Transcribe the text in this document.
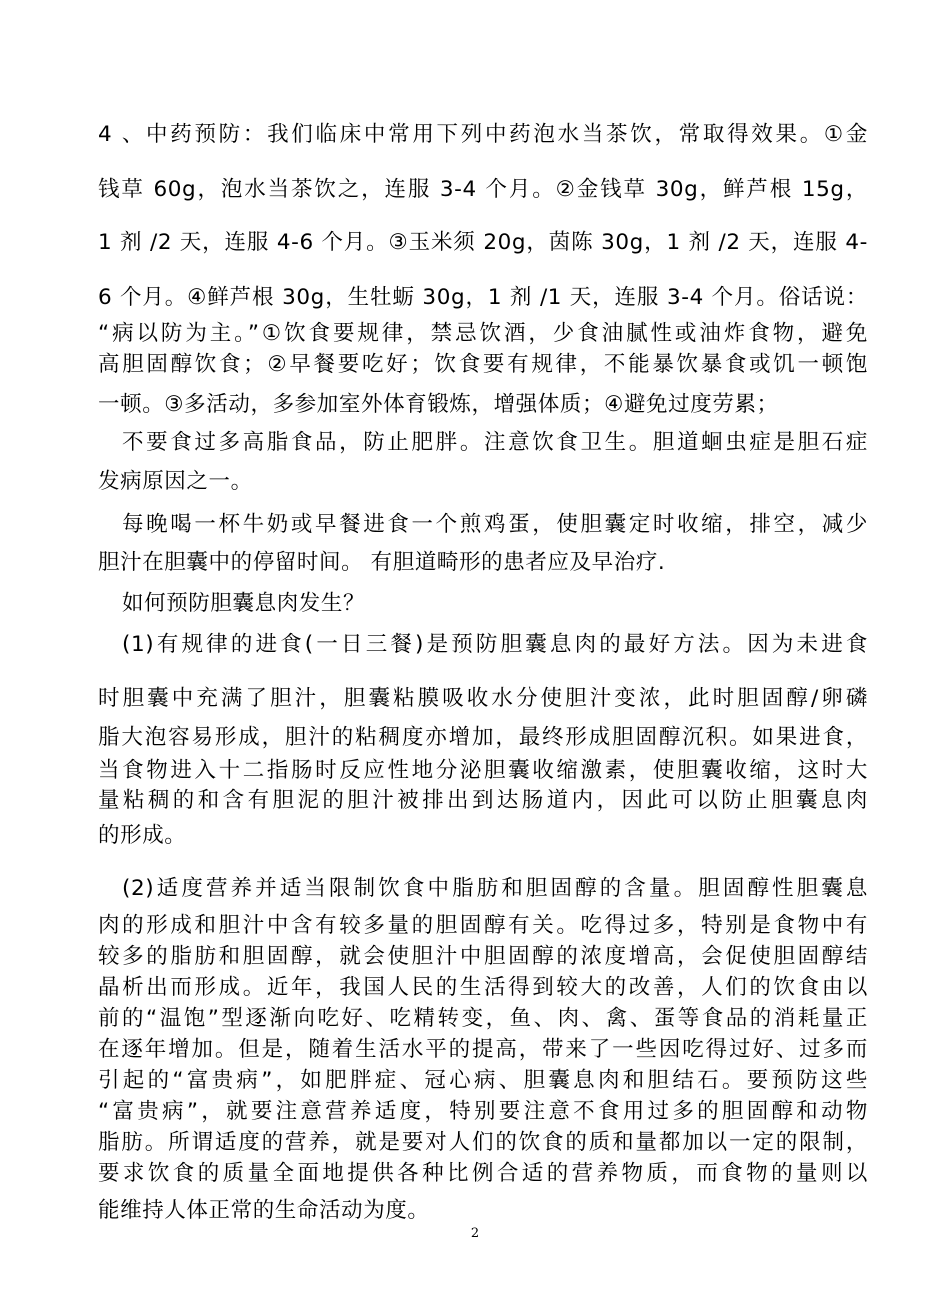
4 、中药预防：我们临床中常用下列中药泡水当茶饮，常取得效果。①金

钱草 60g，泡水当茶饮之，连服 3-4 个月。②金钱草 30g，鲜芦根 15g，

1 剂 /2 天，连服 4-6 个月。③玉米须 20g，茵陈 30g，1 剂 /2 天，连服 4-

6 个月。④鲜芦根 30g，生牡蛎 30g，1 剂 /1 天，连服 3-4 个月。俗话说：

“病以防为主。”①饮食要规律，禁忌饮酒，少食油腻性或油炸食物，避免

高胆固醇饮食；②早餐要吃好；饮食要有规律，不能暴饮暴食或饥一顿饱

一顿。③多活动，多参加室外体育锻炼，增强体质；④避免过度劳累；

不要食过多高脂食品，防止肥胖。注意饮食卫生。胆道蛔虫症是胆石症

发病原因之一。

每晚喝一杯牛奶或早餐进食一个煎鸡蛋，使胆囊定时收缩，排空，减少

胆汁在胆囊中的停留时间。 有胆道畸形的患者应及早治疗.

如何预防胆囊息肉发生？

(1)有规律的进食(一日三餐)是预防胆囊息肉的最好方法。因为未进食

时胆囊中充满了胆汁，胆囊粘膜吸收水分使胆汁变浓，此时胆固醇/卵磷

脂大泡容易形成，胆汁的粘稠度亦增加，最终形成胆固醇沉积。如果进食，

当食物进入十二指肠时反应性地分泌胆囊收缩激素，使胆囊收缩，这时大

量粘稠的和含有胆泥的胆汁被排出到达肠道内，因此可以防止胆囊息肉

的形成。

(2)适度营养并适当限制饮食中脂肪和胆固醇的含量。胆固醇性胆囊息

肉的形成和胆汁中含有较多量的胆固醇有关。吃得过多，特别是食物中有

较多的脂肪和胆固醇，就会使胆汁中胆固醇的浓度增高，会促使胆固醇结

晶析出而形成。近年，我国人民的生活得到较大的改善，人们的饮食由以

前的“温饱”型逐渐向吃好、吃精转变，鱼、肉、禽、蛋等食品的消耗量正

在逐年增加。但是，随着生活水平的提高，带来了一些因吃得过好、过多而

引起的“富贵病”，如肥胖症、冠心病、胆囊息肉和胆结石。要预防这些

“富贵病”，就要注意营养适度，特别要注意不食用过多的胆固醇和动物

脂肪。所谓适度的营养，就是要对人们的饮食的质和量都加以一定的限制，

要求饮食的质量全面地提供各种比例合适的营养物质，而食物的量则以

能维持人体正常的生命活动为度。

2
